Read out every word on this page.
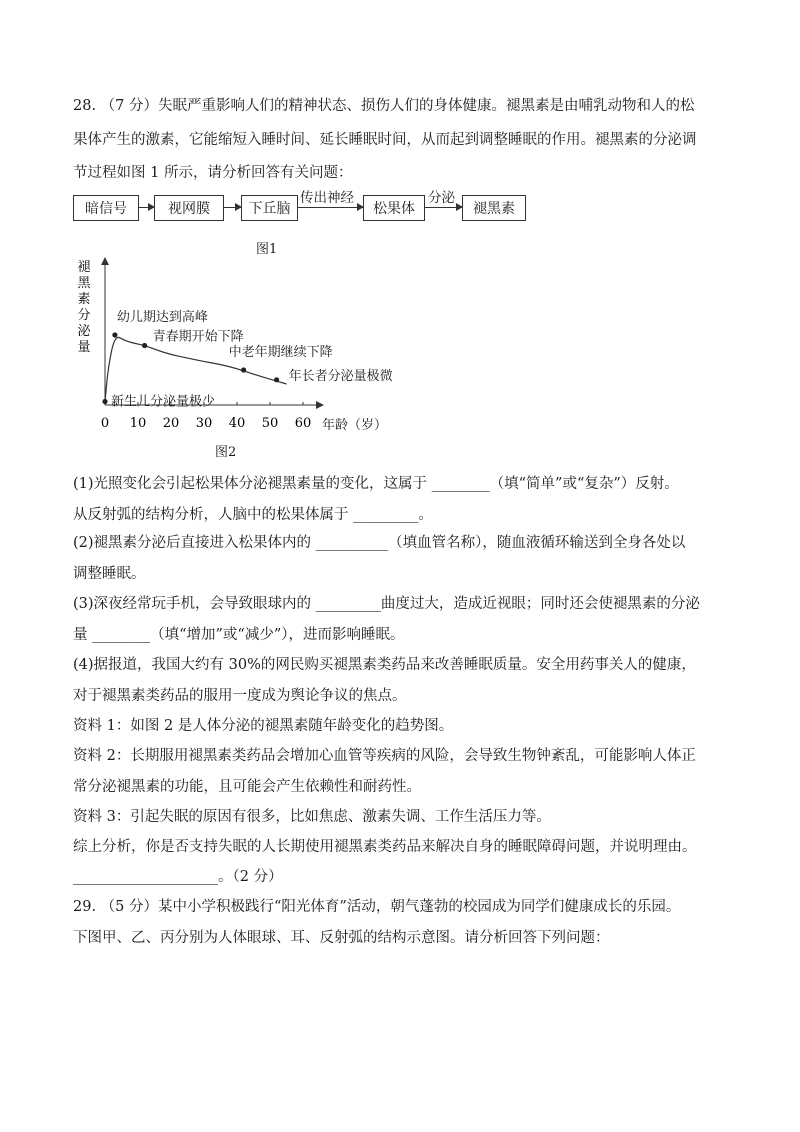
28. （7 分）失眠严重影响人们的精神状态、损伤人们的身体健康。褪黑素是由哺乳动物和人的松
果体产生的激素，它能缩短入睡时间、延长睡眠时间，从而起到调整睡眠的作用。褪黑素的分泌调
节过程如图 1 所示，请分析回答有关问题：
暗信号	视网膜	下丘脑
传出神经
松果体
分泌
褪黑素
图1
褪
黑
素
分
泌
量
0 10 20 30 40 50 60 年龄（岁）
新生儿分泌量极少
幼儿期达到高峰
青春期开始下降
中老年期继续下降
年长者分泌量极微
图2
(1)光照变化会引起松果体分泌褪黑素量的变化，这属于 ________（填“简单”或“复杂”）反射。
从反射弧的结构分析，人脑中的松果体属于 _________。
(2)褪黑素分泌后直接进入松果体内的 __________（填血管名称），随血液循环输送到全身各处以
调整睡眠。
(3)深夜经常玩手机，会导致眼球内的 _________曲度过大，造成近视眼；同时还会使褪黑素的分泌
量 ________（填“增加”或“减少”），进而影响睡眠。
(4)据报道，我国大约有 30%的网民购买褪黑素类药品来改善睡眠质量。安全用药事关人的健康，
对于褪黑素类药品的服用一度成为舆论争议的焦点。
资料 1：如图 2 是人体分泌的褪黑素随年龄变化的趋势图。
资料 2：长期服用褪黑素类药品会增加心血管等疾病的风险，会导致生物钟紊乱，可能影响人体正
常分泌褪黑素的功能，且可能会产生依赖性和耐药性。
资料 3：引起失眠的原因有很多，比如焦虑、激素失调、工作生活压力等。
综上分析，你是否支持失眠的人长期使用褪黑素类药品来解决自身的睡眠障碍问题，并说明理由。
____________________。（2 分）
29. （5 分）某中小学积极践行“阳光体育”活动，朝气蓬勃的校园成为同学们健康成长的乐园。
下图甲、乙、丙分别为人体眼球、耳、反射弧的结构示意图。请分析回答下列问题：
